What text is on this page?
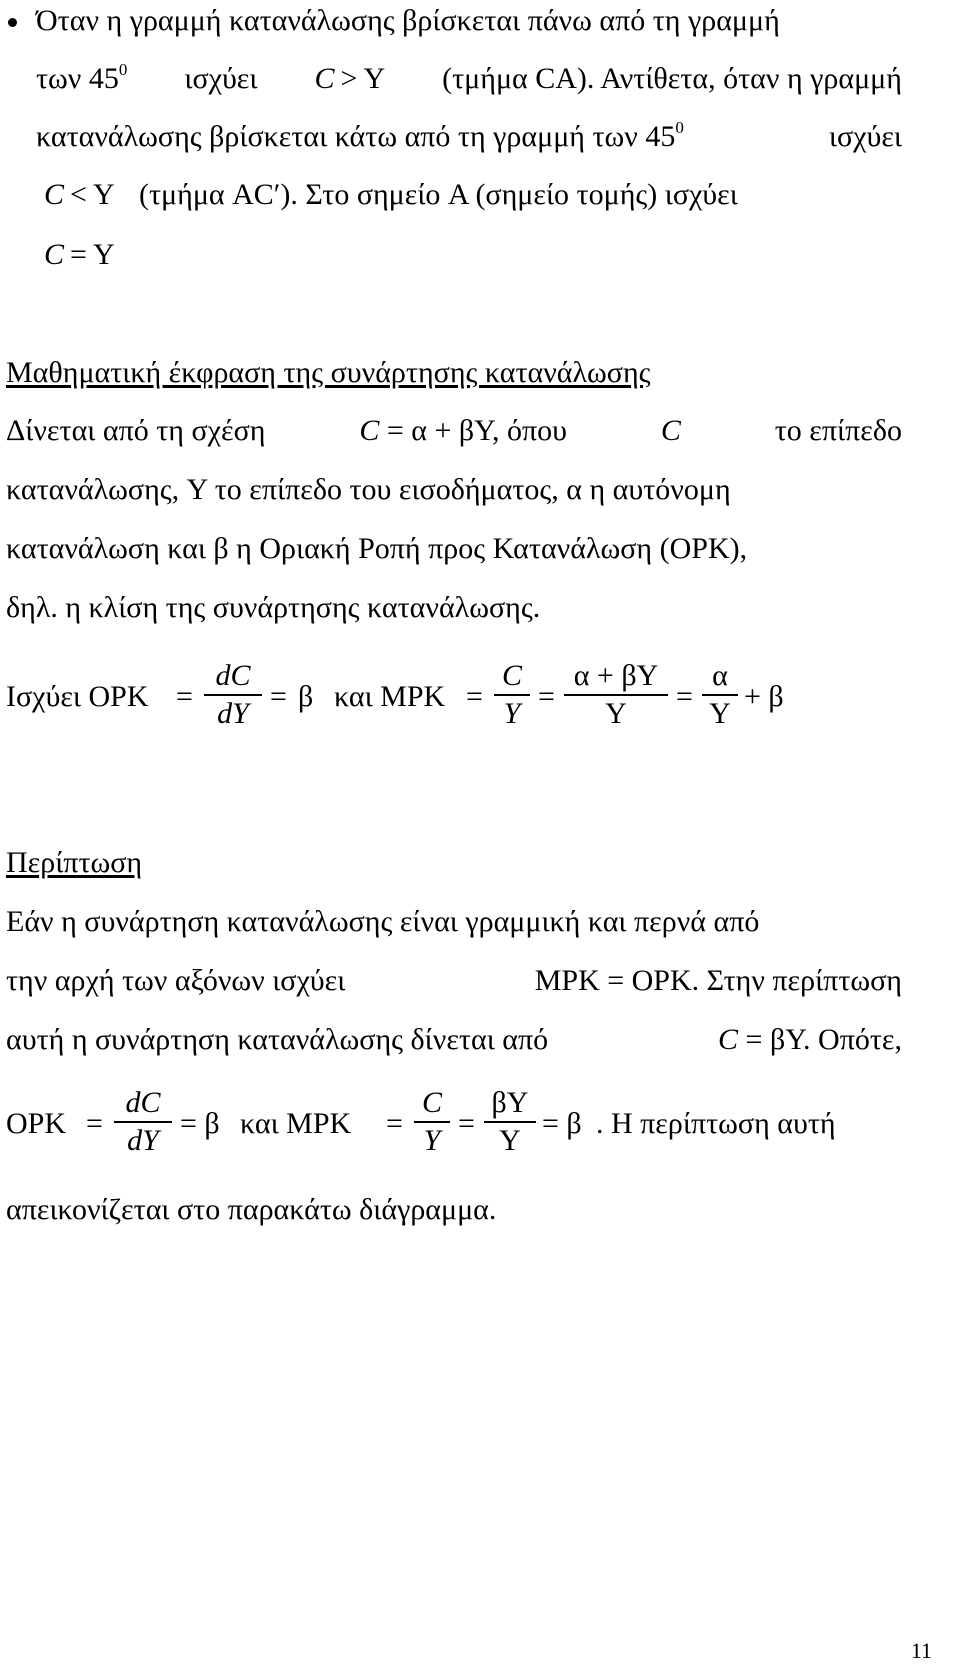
Όταν η γραμμή κατανάλωσης βρίσκεται πάνω από τη γραμμή
των $45^0$ ισχύει C > Y (τμήμα CA). Αντίθετα, όταν η γραμμή
κατανάλωσης βρίσκεται κάτω από τη γραμμή των $45^0$	ισχύει
C < Y (τμήμα AC′). Στο σημείο A (σημείο τομής) ισχύει
C = Y
Μαθηματική έκφραση της συνάρτησης κατανάλωσης
Δίνεται από τη σχέση	C = α + βY, όπου	C	το επίπεδο
κατανάλωσης, Y το επίπεδο του εισοδήματος, α η αυτόνομη
κατανάλωση και β η Οριακή Ροπή προς Κατανάλωση (ΟΡΚ),
δηλ. η κλίση της συνάρτησης κατανάλωσης.
Ισχύει ΟΡΚ =
dC
dY
= β και ΜΡΚ =
C
Y
=
α + βY
Y
=
α
Y
+ β
Περίπτωση
Εάν η συνάρτηση κατανάλωσης είναι γραμμική και περνά από
την αρχή των αξόνων ισχύει	ΜΡΚ = ΟΡΚ. Στην περίπτωση
αυτή η συνάρτηση κατανάλωσης δίνεται από	C = βY. Οπότε,
ΟΡΚ =
dC
dY
= β και ΜΡΚ =
C
Y
=
βY
Y
= β . Η περίπτωση αυτή
απεικονίζεται στο παρακάτω διάγραμμα.
11
